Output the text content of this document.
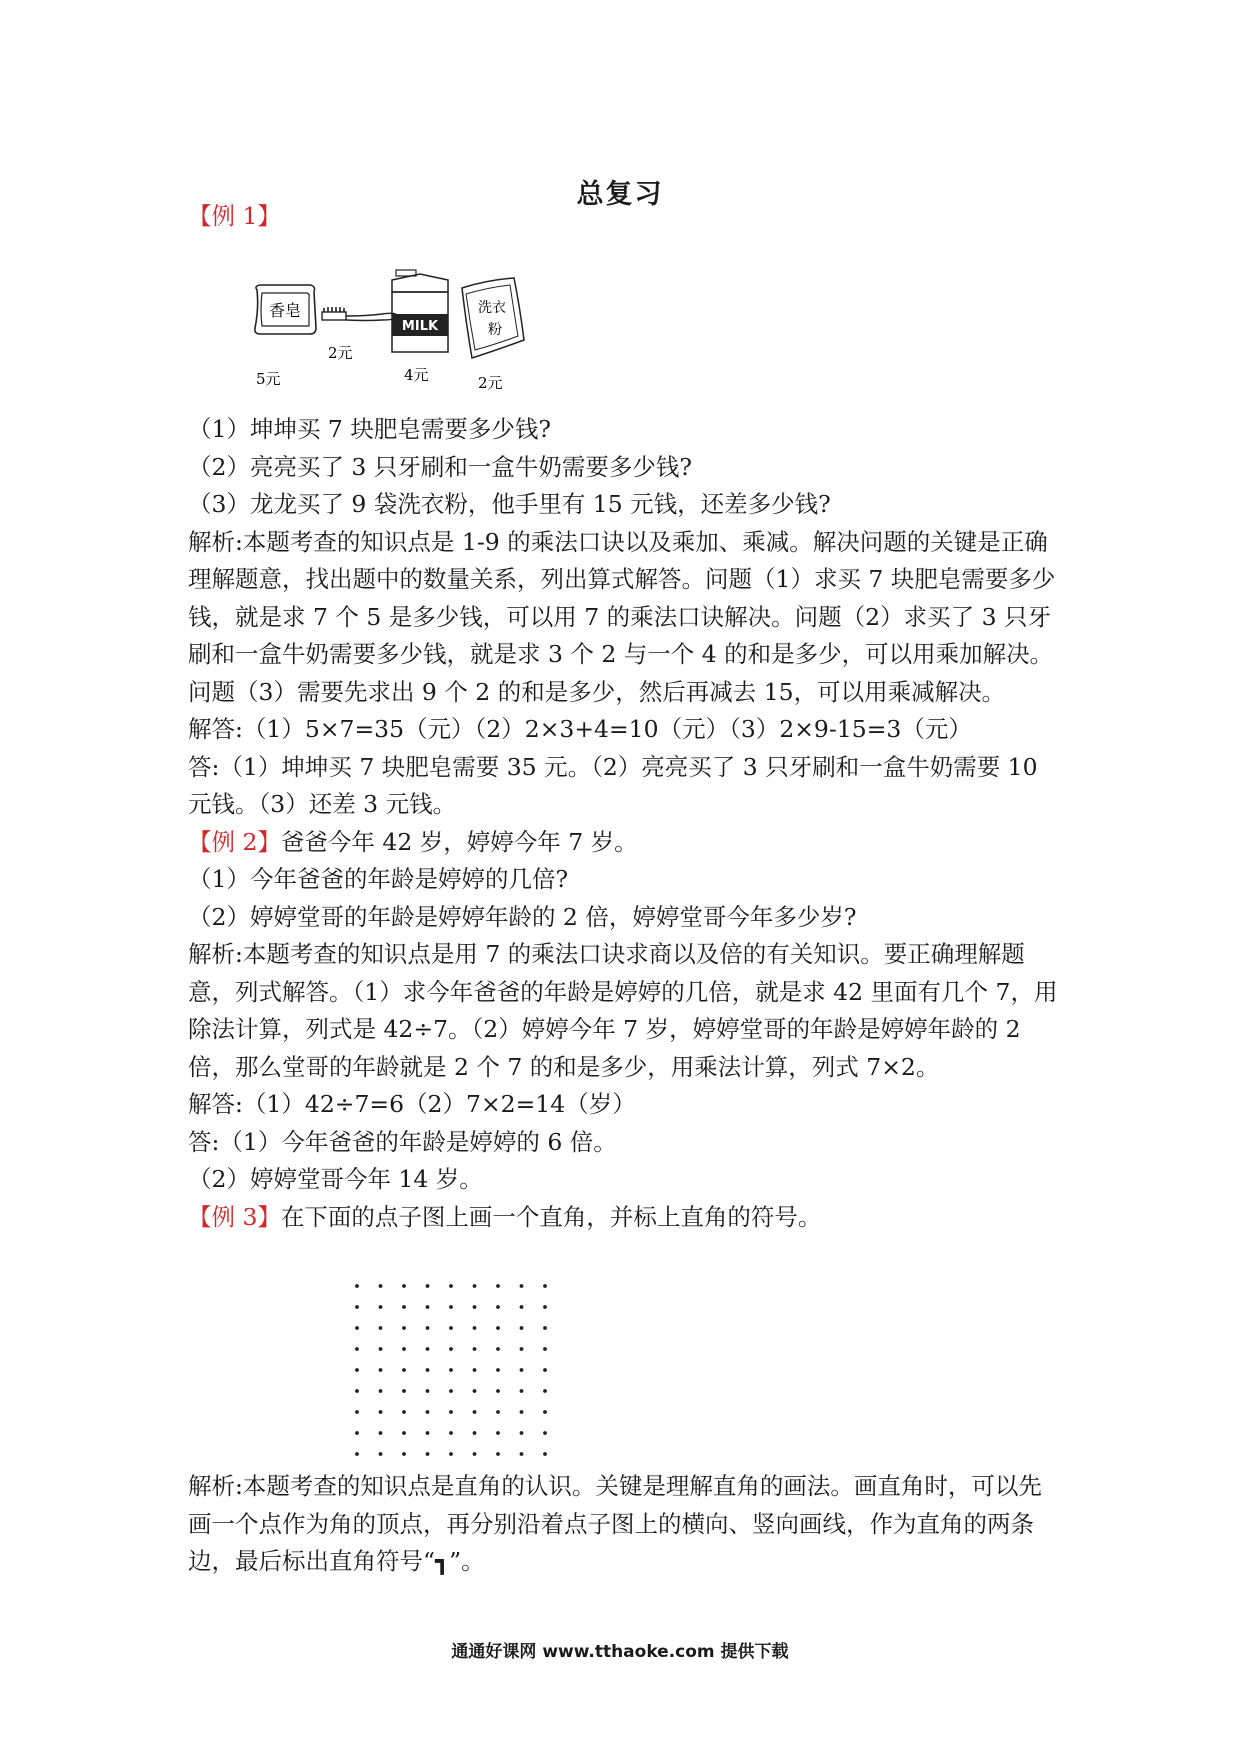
总复习

【例 1】

香皂
5元
2元
MILK
4元
洗衣
粉
2元

（1）坤坤买 7 块肥皂需要多少钱?

（2）亮亮买了 3 只牙刷和一盒牛奶需要多少钱?

（3）龙龙买了 9 袋洗衣粉，他手里有 15 元钱，还差多少钱?

解析:本题考查的知识点是 1-9 的乘法口诀以及乘加、乘减。解决问题的关键是正确理解题意，找出题中的数量关系，列出算式解答。问题（1）求买 7 块肥皂需要多少钱，就是求 7 个 5 是多少钱，可以用 7 的乘法口诀解决。问题（2）求买了 3 只牙刷和一盒牛奶需要多少钱，就是求 3 个 2 与一个 4 的和是多少，可以用乘加解决。问题（3）需要先求出 9 个 2 的和是多少，然后再减去 15，可以用乘减解决。

解答:（1）5×7=35（元）（2）2×3+4=10（元）（3）2×9-15=3（元）

答:（1）坤坤买 7 块肥皂需要 35 元。（2）亮亮买了 3 只牙刷和一盒牛奶需要 10 元钱。（3）还差 3 元钱。

【例 2】爸爸今年 42 岁，婷婷今年 7 岁。

（1）今年爸爸的年龄是婷婷的几倍?

（2）婷婷堂哥的年龄是婷婷年龄的 2 倍，婷婷堂哥今年多少岁?

解析:本题考查的知识点是用 7 的乘法口诀求商以及倍的有关知识。要正确理解题意，列式解答。（1）求今年爸爸的年龄是婷婷的几倍，就是求 42 里面有几个 7，用除法计算，列式是 42÷7。（2）婷婷今年 7 岁，婷婷堂哥的年龄是婷婷年龄的 2 倍，那么堂哥的年龄就是 2 个 7 的和是多少，用乘法计算，列式 7×2。

解答:（1）42÷7=6（2）7×2=14（岁）

答:（1）今年爸爸的年龄是婷婷的 6 倍。

（2）婷婷堂哥今年 14 岁。

【例 3】在下面的点子图上画一个直角，并标上直角的符号。

解析:本题考查的知识点是直角的认识。关键是理解直角的画法。画直角时，可以先画一个点作为角的顶点，再分别沿着点子图上的横向、竖向画线，作为直角的两条边，最后标出直角符号“┓”。

通通好课网 www.tthaoke.com 提供下载
